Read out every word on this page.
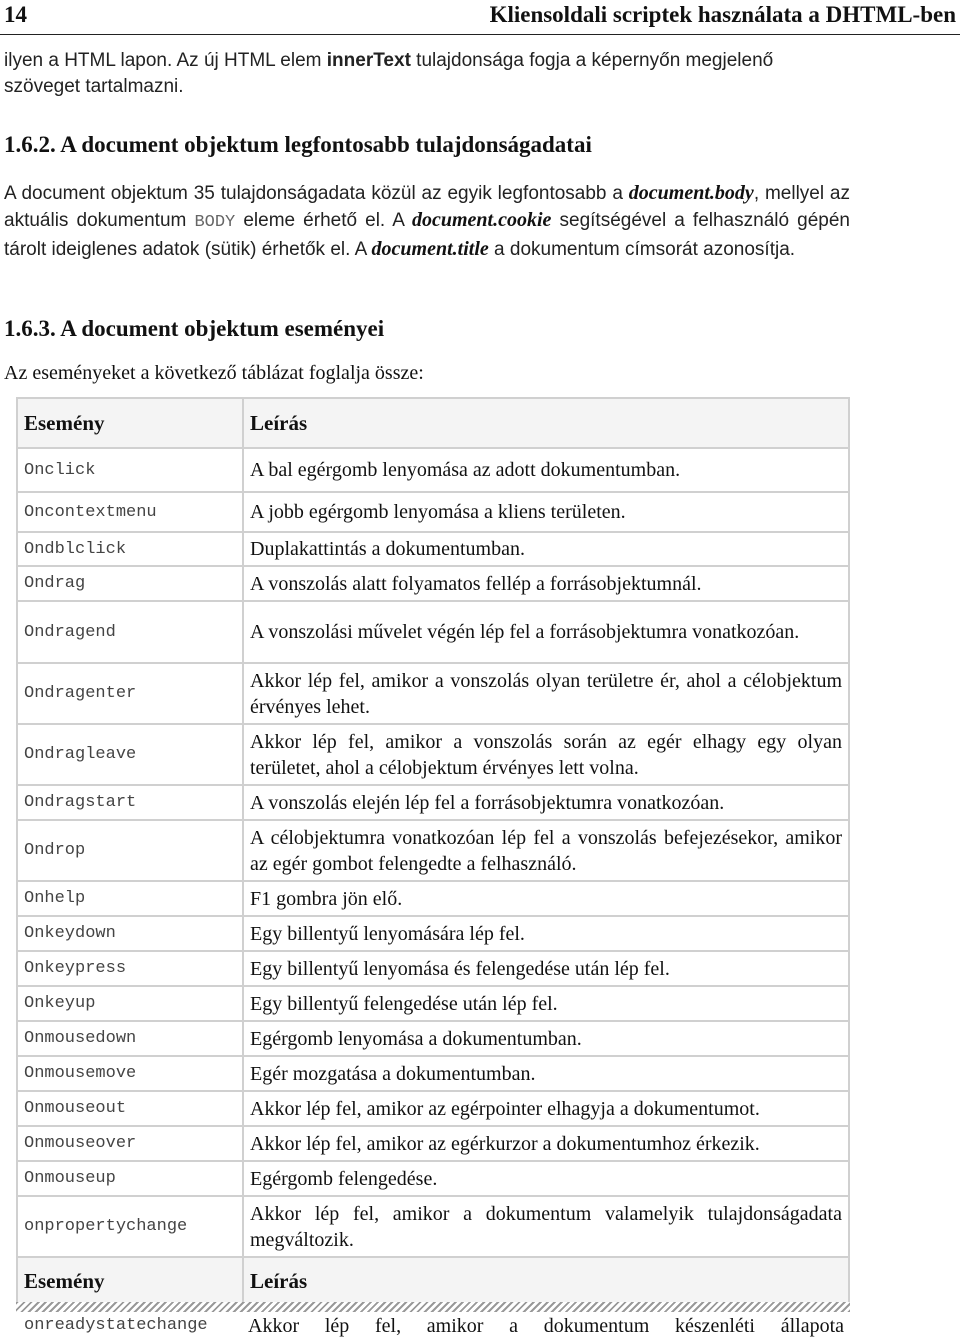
14	Kliensoldali scriptek használata a DHTML-ben
ilyen a HTML lapon. Az új HTML elem innerText tulajdonsága fogja a képernyőn megjelenő szöveget tartalmazni.
1.6.2. A document objektum legfontosabb tulajdonságadatai
A document objektum 35 tulajdonságadata közül az egyik legfontosabb a document.body, mellyel az aktuális dokumentum BODY eleme érhető el. A document.cookie segítségével a felhasználó gépén tárolt ideiglenes adatok (sütik) érhetők el. A document.title a dokumentum címsorát azonosítja.
1.6.3. A document objektum eseményei
Az eseményeket a következő táblázat foglalja össze:
Esemény	Leírás
Onclick	A bal egérgomb lenyomása az adott dokumentumban.
Oncontextmenu	A jobb egérgomb lenyomása a kliens területen.
Ondblclick	Duplakattintás a dokumentumban.
Ondrag	A vonszolás alatt folyamatos fellép a forrásobjektumnál.
Ondragend	A vonszolási művelet végén lép fel a forrásobjektumra vonatkozóan.
Ondragenter	Akkor lép fel, amikor a vonszolás olyan területre ér, ahol a célobjektum érvényes lehet.
Ondragleave	Akkor lép fel, amikor a vonszolás során az egér elhagy egy olyan területet, ahol a célobjektum érvényes lett volna.
Ondragstart	A vonszolás elején lép fel a forrásobjektumra vonatkozóan.
Ondrop	A célobjektumra vonatkozóan lép fel a vonszolás befejezésekor, amikor az egér gombot felengedte a felhasználó.
Onhelp	F1 gombra jön elő.
Onkeydown	Egy billentyű lenyomására lép fel.
Onkeypress	Egy billentyű lenyomása és felengedése után lép fel.
Onkeyup	Egy billentyű felengedése után lép fel.
Onmousedown	Egérgomb lenyomása a dokumentumban.
Onmousemove	Egér mozgatása a dokumentumban.
Onmouseout	Akkor lép fel, amikor az egérpointer elhagyja a dokumentumot.
Onmouseover	Akkor lép fel, amikor az egérkurzor a dokumentumhoz érkezik.
Onmouseup	Egérgomb felengedése.
onpropertychange	Akkor lép fel, amikor a dokumentum valamelyik tulajdonságadata megváltozik.
Esemény	Leírás
onreadystatechange Akkor lép fel, amikor a dokumentum készenléti állapota
